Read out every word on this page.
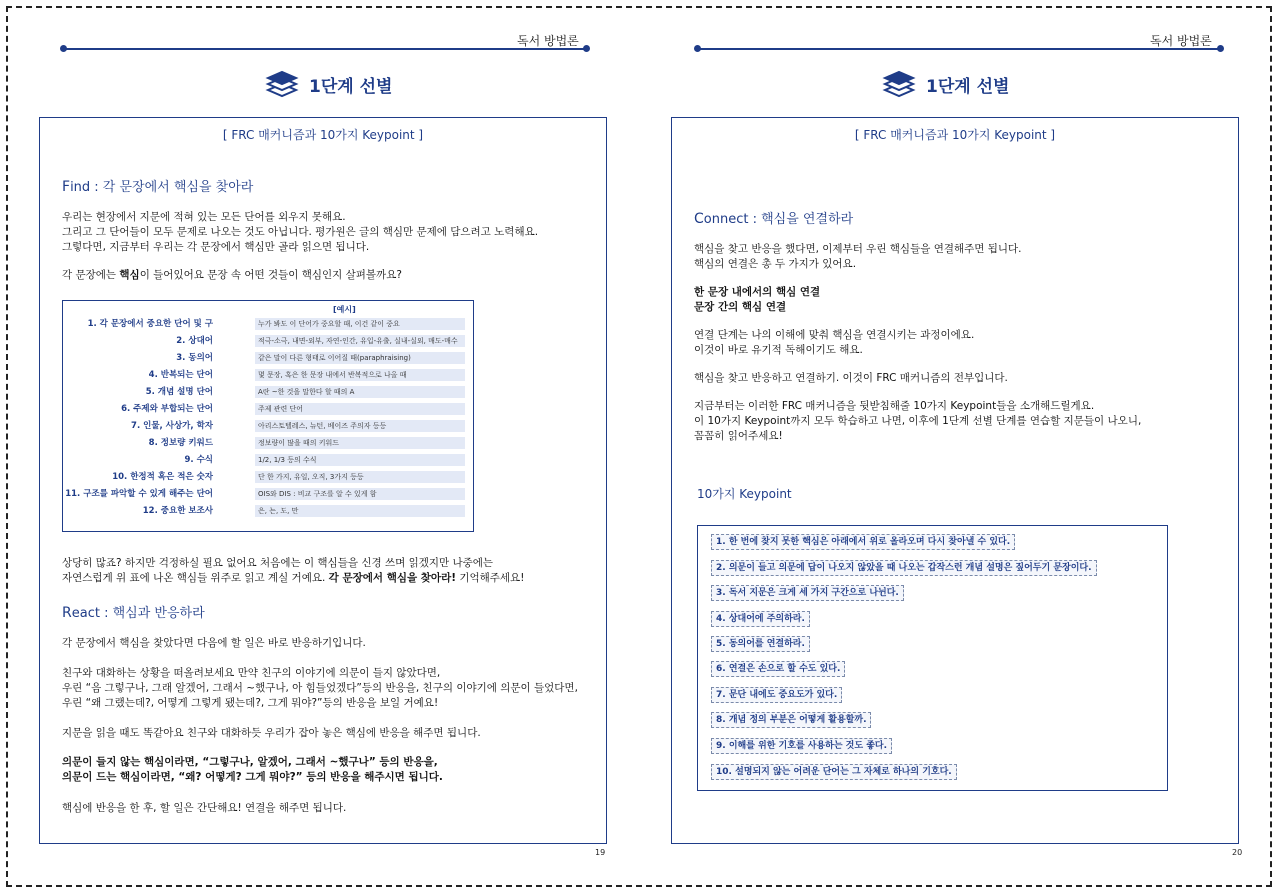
독서 방법론
1단계 선별
[ FRC 매커니즘과 10가지 Keypoint ]
Find : 각 문장에서 핵심을 찾아라
우리는 현장에서 지문에 적혀 있는 모든 단어를 외우지 못해요.
그리고 그 단어들이 모두 문제로 나오는 것도 아닙니다. 평가원은 글의 핵심만 문제에 담으려고 노력해요.
그렇다면, 지금부터 우리는 각 문장에서 핵심만 골라 읽으면 됩니다.
각 문장에는 핵심이 들어있어요 문장 속 어떤 것들이 핵심인지 살펴볼까요?
[예시]
1. 각 문장에서 중요한 단어 및 구	누가 봐도 이 단어가 중요할 때, 이건 같이 중요
2. 상대어	적극-소극, 내면-외부, 자연-인간, 유입-유출, 실내-실외, 매도-매수
3. 동의어	같은 말이 다른 형태로 이어질 때(paraphraising)
4. 반복되는 단어	몇 문장, 혹은 한 문장 내에서 반복적으로 나올 때
5. 개념 설명 단어	A란 ~한 것을 말한다 할 때의 A
6. 주제와 부합되는 단어	주제 관련 단어
7. 인물, 사상가, 학자	아리스토텔레스, 뉴턴, 베이즈 주의자 등등
8. 정보량 키워드	정보량이 많을 때의 키워드
9. 수식	1/2, 1/3 등의 수식
10. 한정적 혹은 적은 숫자	단 한 가지, 유일, 오직, 3가지 등등
11. 구조를 파악할 수 있게 해주는 단어	OIS와 DIS : 비교 구조를 알 수 있게 함
12. 중요한 보조사	은, 는, 도, 만
상당히 많죠? 하지만 걱정하실 필요 없어요 처음에는 이 핵심들을 신경 쓰며 읽겠지만 나중에는
자연스럽게 위 표에 나온 핵심들 위주로 읽고 계실 거예요. 각 문장에서 핵심을 찾아라! 기억해주세요!
React : 핵심과 반응하라
각 문장에서 핵심을 찾았다면 다음에 할 일은 바로 반응하기입니다.
친구와 대화하는 상황을 떠올려보세요 만약 친구의 이야기에 의문이 들지 않았다면,
우린 “음 그렇구나, 그래 알겠어, 그래서 ~했구나, 아 힘들었겠다”등의 반응을, 친구의 이야기에 의문이 들었다면,
우린 “왜 그랬는데?, 어떻게 그렇게 됐는데?, 그게 뭐야?”등의 반응을 보일 거예요!
지문을 읽을 때도 똑같아요 친구와 대화하듯 우리가 잡아 놓은 핵심에 반응을 해주면 됩니다.
의문이 들지 않는 핵심이라면, “그렇구나, 알겠어, 그래서 ~했구나” 등의 반응을,
의문이 드는 핵심이라면, “왜? 어떻게? 그게 뭐야?” 등의 반응을 해주시면 됩니다.
핵심에 반응을 한 후, 할 일은 간단해요! 연결을 해주면 됩니다.
19
독서 방법론
1단계 선별
[ FRC 매커니즘과 10가지 Keypoint ]
Connect : 핵심을 연결하라
핵심을 찾고 반응을 했다면, 이제부터 우린 핵심들을 연결해주면 됩니다.
핵심의 연결은 총 두 가지가 있어요.
한 문장 내에서의 핵심 연결
문장 간의 핵심 연결
연결 단계는 나의 이해에 맞춰 핵심을 연결시키는 과정이에요.
이것이 바로 유기적 독해이기도 해요.
핵심을 찾고 반응하고 연결하기. 이것이 FRC 매커니즘의 전부입니다.
지금부터는 이러한 FRC 매커니즘을 뒷받침해줄 10가지 Keypoint들을 소개해드릴게요.
이 10가지 Keypoint까지 모두 학습하고 나면, 이후에 1단계 선별 단계를 연습할 지문들이 나오니,
꼼꼼히 읽어주세요!
10가지 Keypoint
1. 한 번에 찾지 못한 핵심은 아래에서 위로 올라오며 다시 찾아낼 수 있다.
2. 의문이 들고 의문에 답이 나오지 않았을 때 나오는 갑작스런 개념 설명은 짚어두기 문장이다.
3. 독서 지문은 크게 세 가지 구간으로 나뉜다.
4. 상대어에 주의하라.
5. 동의어를 연결하라.
6. 연결은 손으로 할 수도 있다.
7. 문단 내에도 중요도가 있다.
8. 개념 정의 부분은 어떻게 활용할까.
9. 이해를 위한 기호를 사용하는 것도 좋다.
10. 설명되지 않는 어려운 단어는 그 자체로 하나의 기호다.
20
